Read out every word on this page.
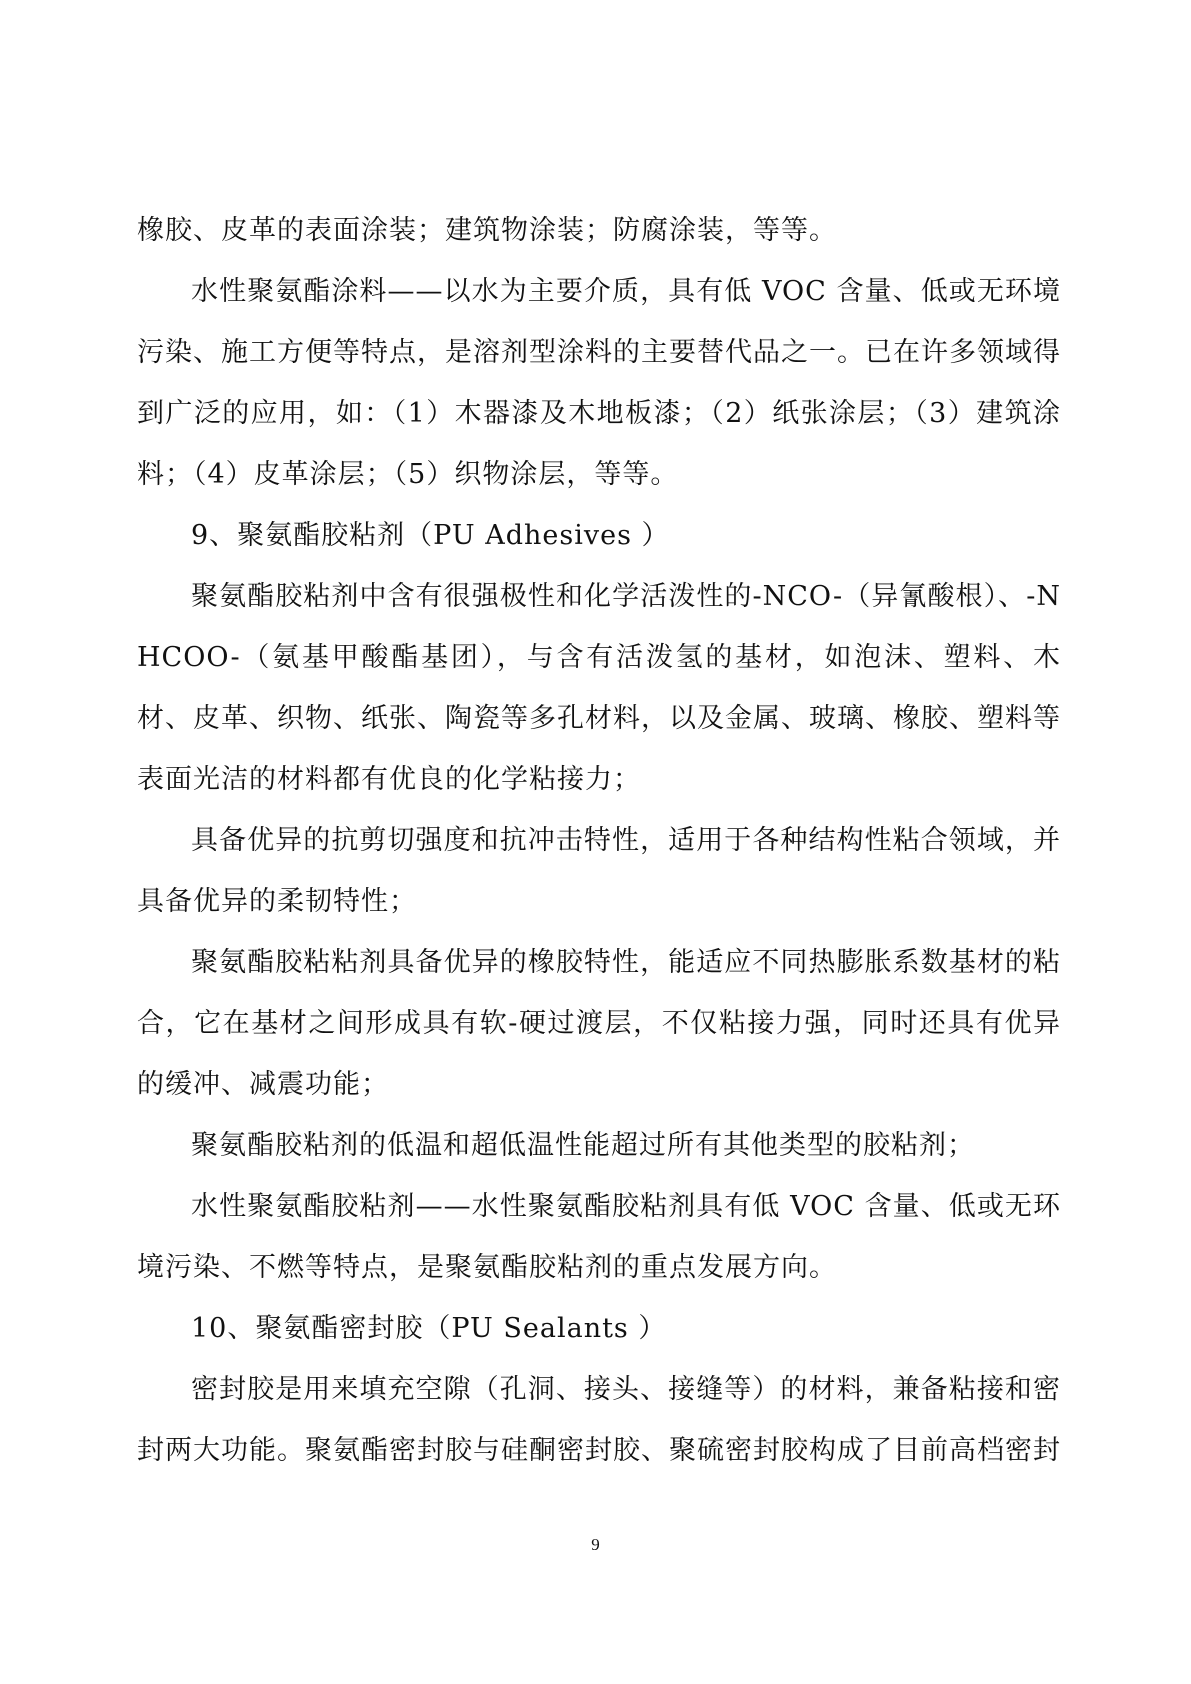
橡胶、皮革的表面涂装；建筑物涂装；防腐涂装，等等。

水性聚氨酯涂料——以水为主要介质，具有低 VOC 含量、低或无环境污染、施工方便等特点，是溶剂型涂料的主要替代品之一。已在许多领域得到广泛的应用，如：（1）木器漆及木地板漆；（2）纸张涂层；（3）建筑涂料；（4）皮革涂层；（5）织物涂层，等等。

9、聚氨酯胶粘剂（PU Adhesives ）

聚氨酯胶粘剂中含有很强极性和化学活泼性的-NCO-（异氰酸根）、-NHCOO-（氨基甲酸酯基团），与含有活泼氢的基材，如泡沫、塑料、木材、皮革、织物、纸张、陶瓷等多孔材料，以及金属、玻璃、橡胶、塑料等表面光洁的材料都有优良的化学粘接力；

具备优异的抗剪切强度和抗冲击特性，适用于各种结构性粘合领域，并具备优异的柔韧特性；

聚氨酯胶粘粘剂具备优异的橡胶特性，能适应不同热膨胀系数基材的粘合，它在基材之间形成具有软-硬过渡层，不仅粘接力强，同时还具有优异的缓冲、减震功能；

聚氨酯胶粘剂的低温和超低温性能超过所有其他类型的胶粘剂；

水性聚氨酯胶粘剂——水性聚氨酯胶粘剂具有低 VOC 含量、低或无环境污染、不燃等特点，是聚氨酯胶粘剂的重点发展方向。

10、聚氨酯密封胶（PU Sealants ）

密封胶是用来填充空隙（孔洞、接头、接缝等）的材料，兼备粘接和密封两大功能。聚氨酯密封胶与硅酮密封胶、聚硫密封胶构成了目前高档密封

9
